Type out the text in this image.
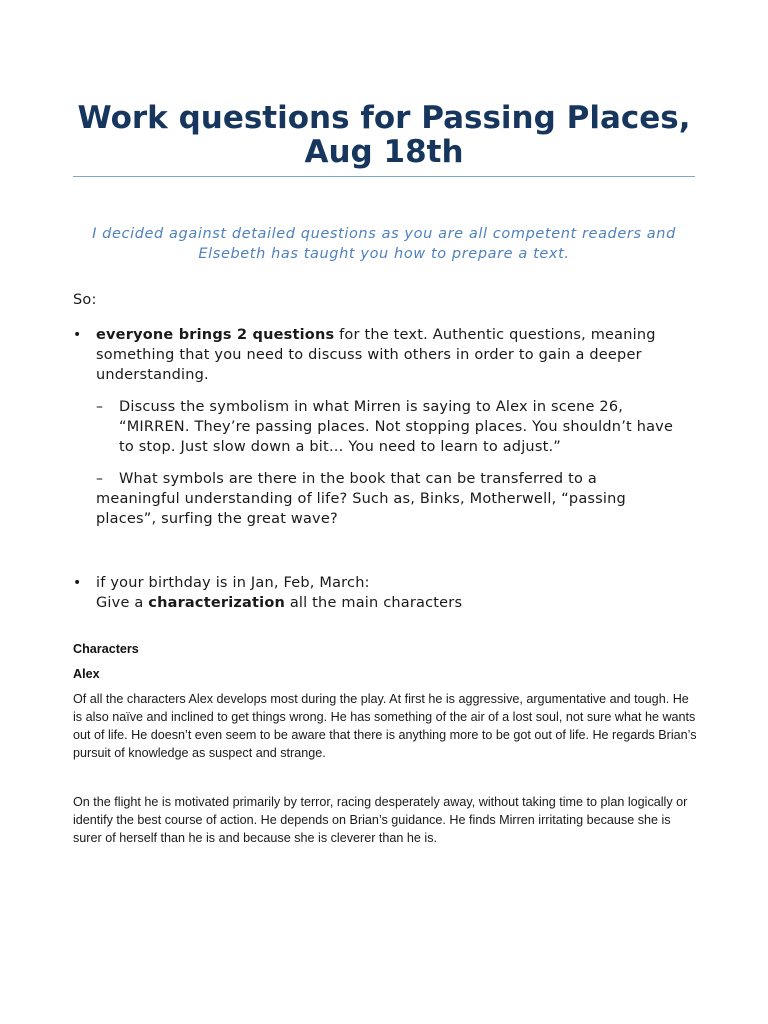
Work questions for Passing Places, Aug 18th

I decided against detailed questions as you are all competent readers and Elsebeth has taught you how to prepare a text.

So:

• everyone brings 2 questions for the text. Authentic questions, meaning something that you need to discuss with others in order to gain a deeper understanding.

– Discuss the symbolism in what Mirren is saying to Alex in scene 26, “MIRREN. They’re passing places. Not stopping places. You shouldn’t have to stop. Just slow down a bit… You need to learn to adjust.”

–	What symbols are there in the book that can be transferred to a meaningful understanding of life? Such as, Binks, Motherwell, “passing places”, surfing the great wave?

• if your birthday is in Jan, Feb, March:
Give a characterization all the main characters

Characters

Alex

Of all the characters Alex develops most during the play. At first he is aggressive, argumentative and tough. He is also naïve and inclined to get things wrong. He has something of the air of a lost soul, not sure what he wants out of life. He doesn’t even seem to be aware that there is anything more to be got out of life. He regards Brian’s pursuit of knowledge as suspect and strange.

On the flight he is motivated primarily by terror, racing desperately away, without taking time to plan logically or identify the best course of action. He depends on Brian’s guidance. He finds Mirren irritating because she is surer of herself than he is and because she is cleverer than he is.
